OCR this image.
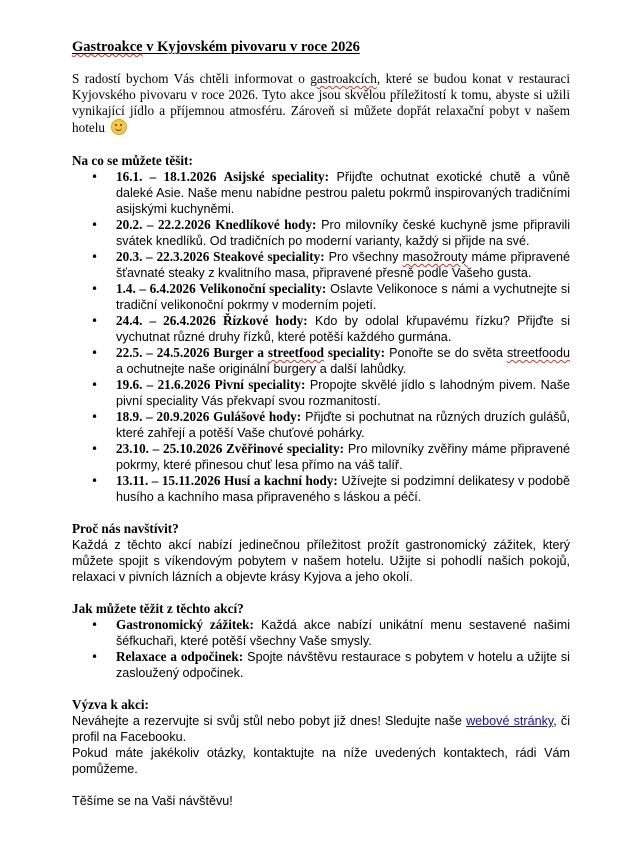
Gastroakce v Kyjovském pivovaru v roce 2026

S radostí bychom Vás chtěli informovat o gastroakcích, které se budou konat v restauraci Kyjovského pivovaru v roce 2026. Tyto akce jsou skvělou příležitostí k tomu, abyste si užili vynikající jídlo a příjemnou atmosféru. Zároveň si můžete dopřát relaxační pobyt v našem hotelu

Na co se můžete těšit:
• 16.1. – 18.1.2026 Asijské speciality: Přijďte ochutnat exotické chutě a vůně daleké Asie. Naše menu nabídne pestrou paletu pokrmů inspirovaných tradičními asijskými kuchyněmi.
• 20.2. – 22.2.2026 Knedlíkové hody: Pro milovníky české kuchyně jsme připravili svátek knedlíků. Od tradičních po moderní varianty, každý si přijde na své.
• 20.3. – 22.3.2026 Steakové speciality: Pro všechny masožrouty máme připravené šťavnaté steaky z kvalitního masa, připravené přesně podle Vašeho gusta.
• 1.4. – 6.4.2026 Velikonoční speciality: Oslavte Velikonoce s námi a vychutnejte si tradiční velikonoční pokrmy v moderním pojetí.
• 24.4. – 26.4.2026 Řízkové hody: Kdo by odolal křupavému řízku? Přijďte si vychutnat různé druhy řízků, které potěší každého gurmána.
• 22.5. – 24.5.2026 Burger a streetfood speciality: Ponořte se do světa streetfoodu a ochutnejte naše originální burgery a další lahůdky.
• 19.6. – 21.6.2026 Pivní speciality: Propojte skvělé jídlo s lahodným pivem. Naše pivní speciality Vás překvapí svou rozmanitostí.
• 18.9. – 20.9.2026 Gulášové hody: Přijďte si pochutnat na různých druzích gulášů, které zahřejí a potěší Vaše chuťové pohárky.
• 23.10. – 25.10.2026 Zvěřinové speciality: Pro milovníky zvěřiny máme připravené pokrmy, které přinesou chuť lesa přímo na váš talíř.
• 13.11. – 15.11.2026 Husí a kachní hody: Užívejte si podzimní delikatesy v podobě husího a kachního masa připraveného s láskou a péčí.
Proč nás navštívit?

Každá z těchto akcí nabízí jedinečnou příležitost prožít gastronomický zážitek, který můžete spojit s víkendovým pobytem v našem hotelu. Užijte si pohodlí našich pokojů, relaxaci v pivních lázních a objevte krásy Kyjova a jeho okolí.

Jak můžete těžit z těchto akcí?
• Gastronomický zážitek: Každá akce nabízí unikátní menu sestavené našimi šéfkuchaři, které potěší všechny Vaše smysly.
• Relaxace a odpočinek: Spojte návštěvu restaurace s pobytem v hotelu a užijte si zasloužený odpočinek.
Výzva k akci:

Neváhejte a rezervujte si svůj stůl nebo pobyt již dnes! Sledujte naše webové stránky, či profil na Facebooku.

Pokud máte jakékoliv otázky, kontaktujte na níže uvedených kontaktech, rádi Vám pomůžeme.

Těšíme se na Vaši návštěvu!
